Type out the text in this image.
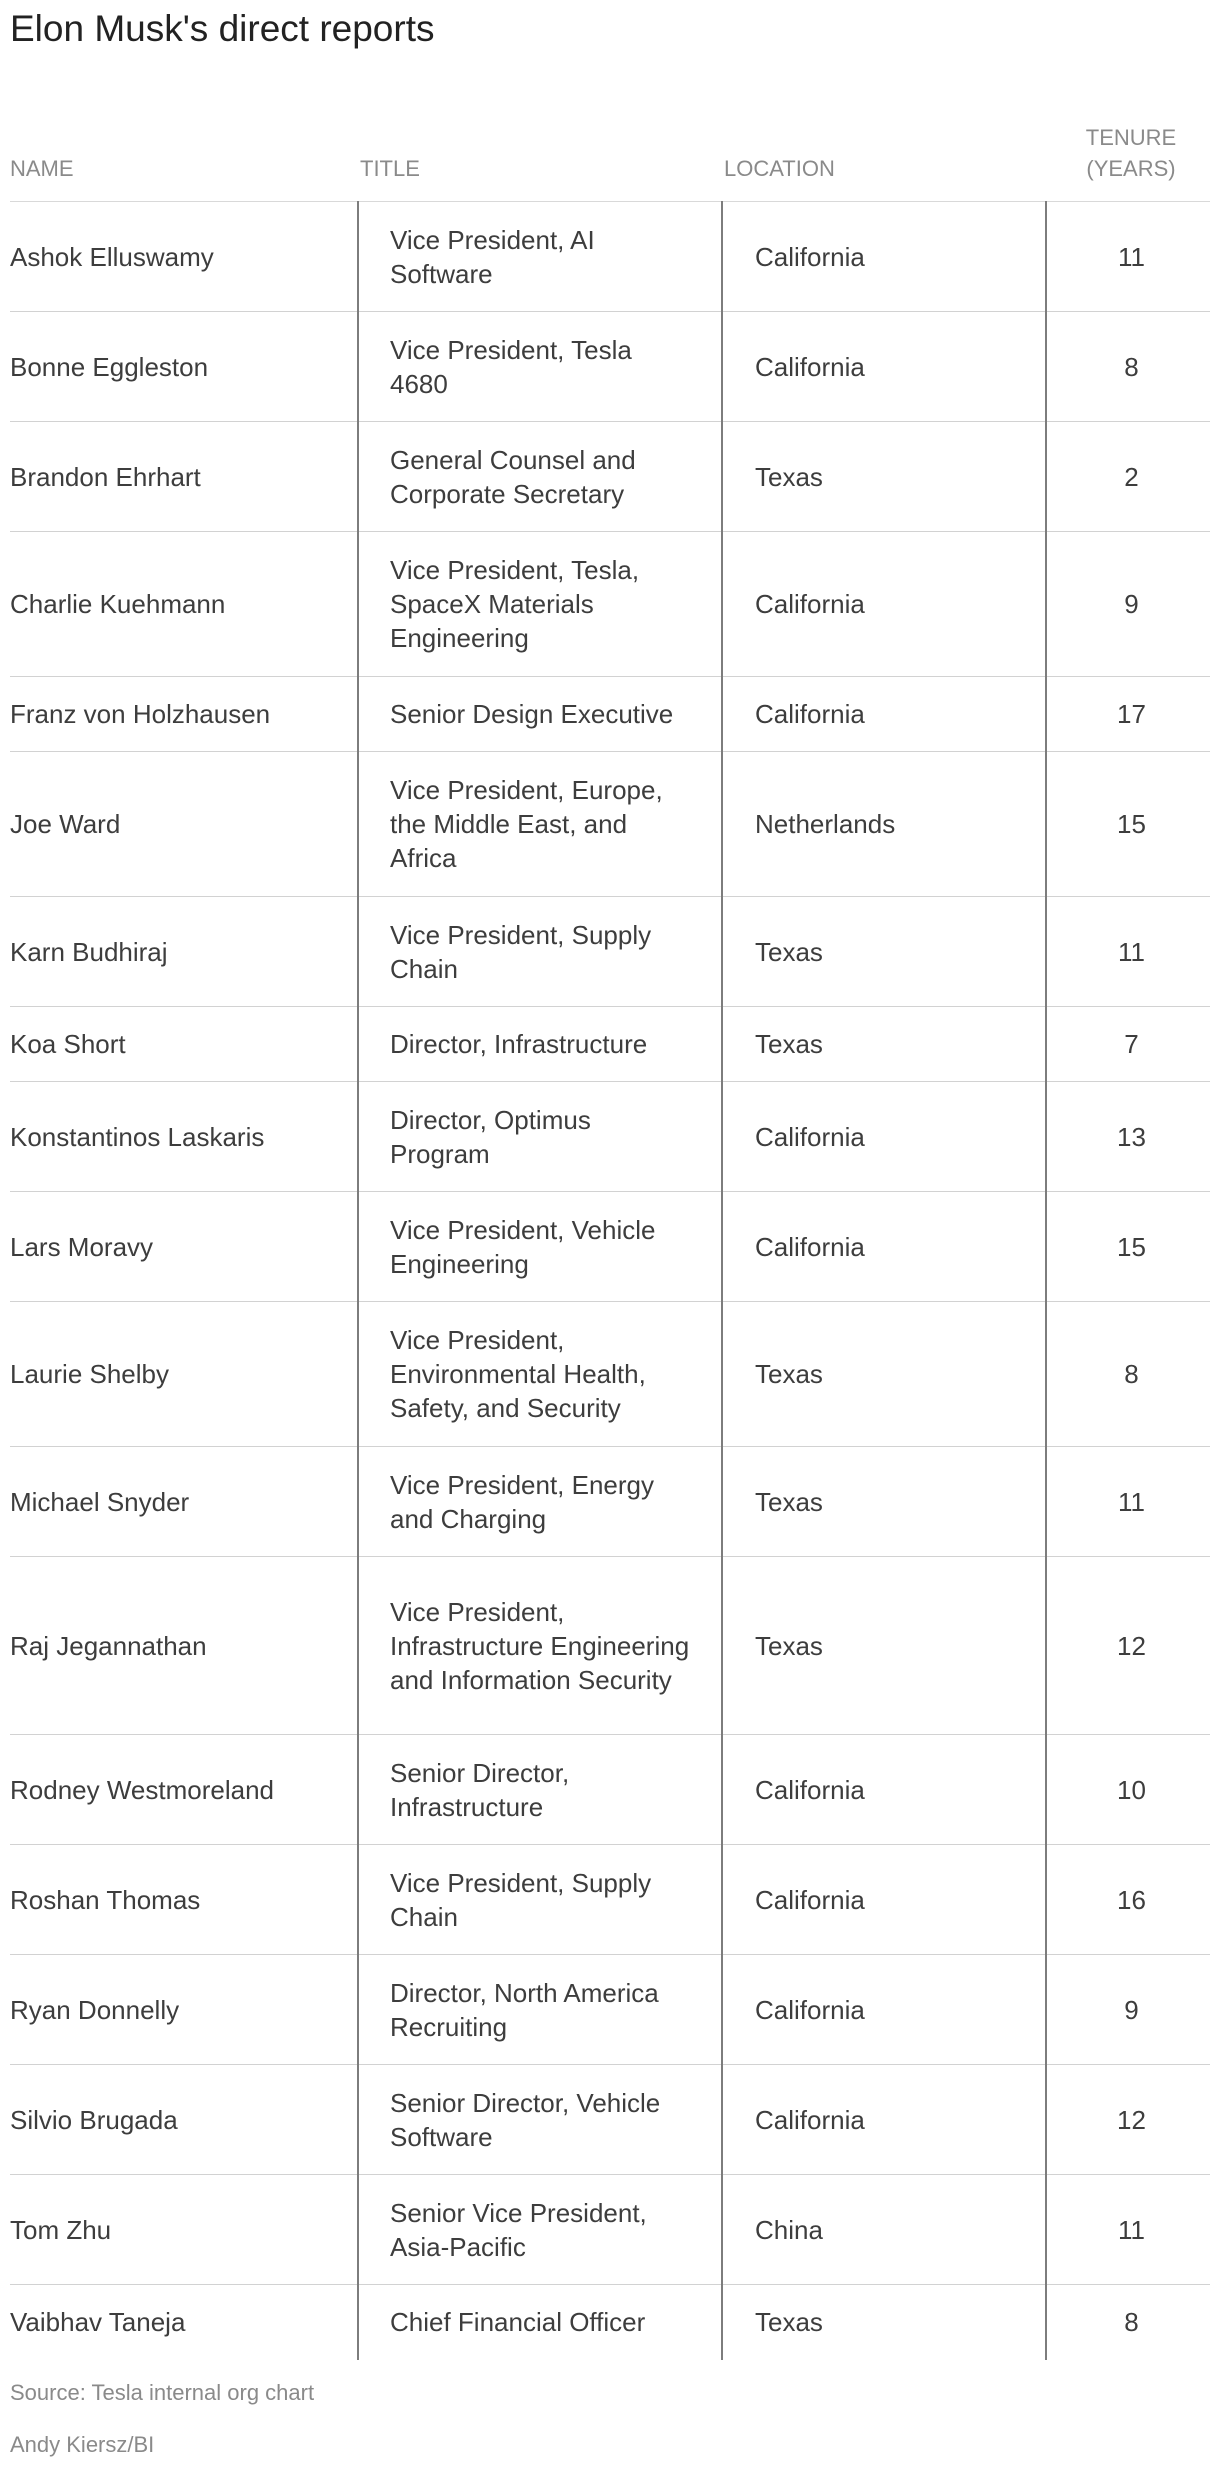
Elon Musk's direct reports
NAME	TITLE	LOCATION	TENURE
(YEARS)
Ashok Elluswamy	Vice President, AI Software	California	11
Bonne Eggleston	Vice President, Tesla 4680	California	8
Brandon Ehrhart	General Counsel and Corporate Secretary	Texas	2
Charlie Kuehmann	Vice President, Tesla, SpaceX Materials Engineering	California	9
Franz von Holzhausen	Senior Design Executive	California	17
Joe Ward	Vice President, Europe, the Middle East, and Africa	Netherlands	15
Karn Budhiraj	Vice President, Supply Chain	Texas	11
Koa Short	Director, Infrastructure	Texas	7
Konstantinos Laskaris	Director, Optimus Program	California	13
Lars Moravy	Vice President, Vehicle Engineering	California	15
Laurie Shelby	Vice President, Environmental Health, Safety, and Security	Texas	8
Michael Snyder	Vice President, Energy and Charging	Texas	11
Raj Jegannathan	Vice President, Infrastructure Engineering and Information Security	Texas	12
Rodney Westmoreland	Senior Director, Infrastructure	California	10
Roshan Thomas	Vice President, Supply Chain	California	16
Ryan Donnelly	Director, North America Recruiting	California	9
Silvio Brugada	Senior Director, Vehicle Software	California	12
Tom Zhu	Senior Vice President, Asia-Pacific	China	11
Vaibhav Taneja	Chief Financial Officer	Texas	8
Source: Tesla internal org chart
Andy Kiersz/BI
